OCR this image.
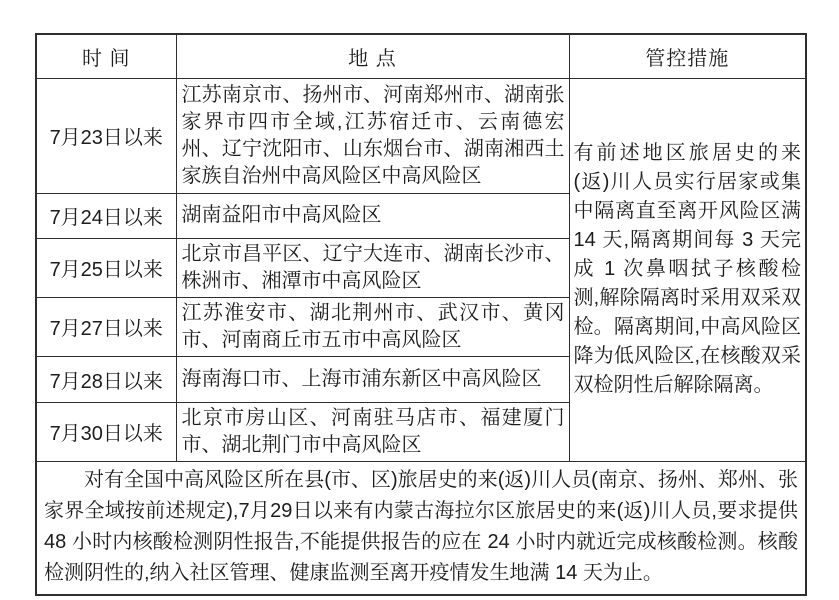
时 间	地 点	管控措施
7月23日以来	江苏南京市、扬州市、河南郑州市、湖南张家界市四市全域,江苏宿迁市、云南德宏州、辽宁沈阳市、山东烟台市、湖南湘西土家族自治州中高风险区中高风险区	有前述地区旅居史的来(返)川人员实行居家或集中隔离直至离开风险区满 14 天,隔离期间每 3 天完成 1 次鼻咽拭子核酸检测,解除隔离时采用双采双检。隔离期间,中高风险区降为低风险区,在核酸双采双检阴性后解除隔离。
7月24日以来	湖南益阳市中高风险区	
7月25日以来	北京市昌平区、辽宁大连市、湖南长沙市、株洲市、湘潭市中高风险区	
7月27日以来	江苏淮安市、湖北荆州市、武汉市、黄冈市、河南商丘市五市中高风险区	
7月28日以来	海南海口市、上海市浦东新区中高风险区	
7月30日以来	北京市房山区、河南驻马店市、福建厦门市、湖北荆门市中高风险区	
对有全国中高风险区所在县(市、区)旅居史的来(返)川人员(南京、扬州、郑州、张家界全域按前述规定),7月29日以来有内蒙古海拉尔区旅居史的来(返)川人员,要求提供 48 小时内核酸检测阴性报告,不能提供报告的应在 24 小时内就近完成核酸检测。核酸检测阴性的,纳入社区管理、健康监测至离开疫情发生地满 14 天为止。		
